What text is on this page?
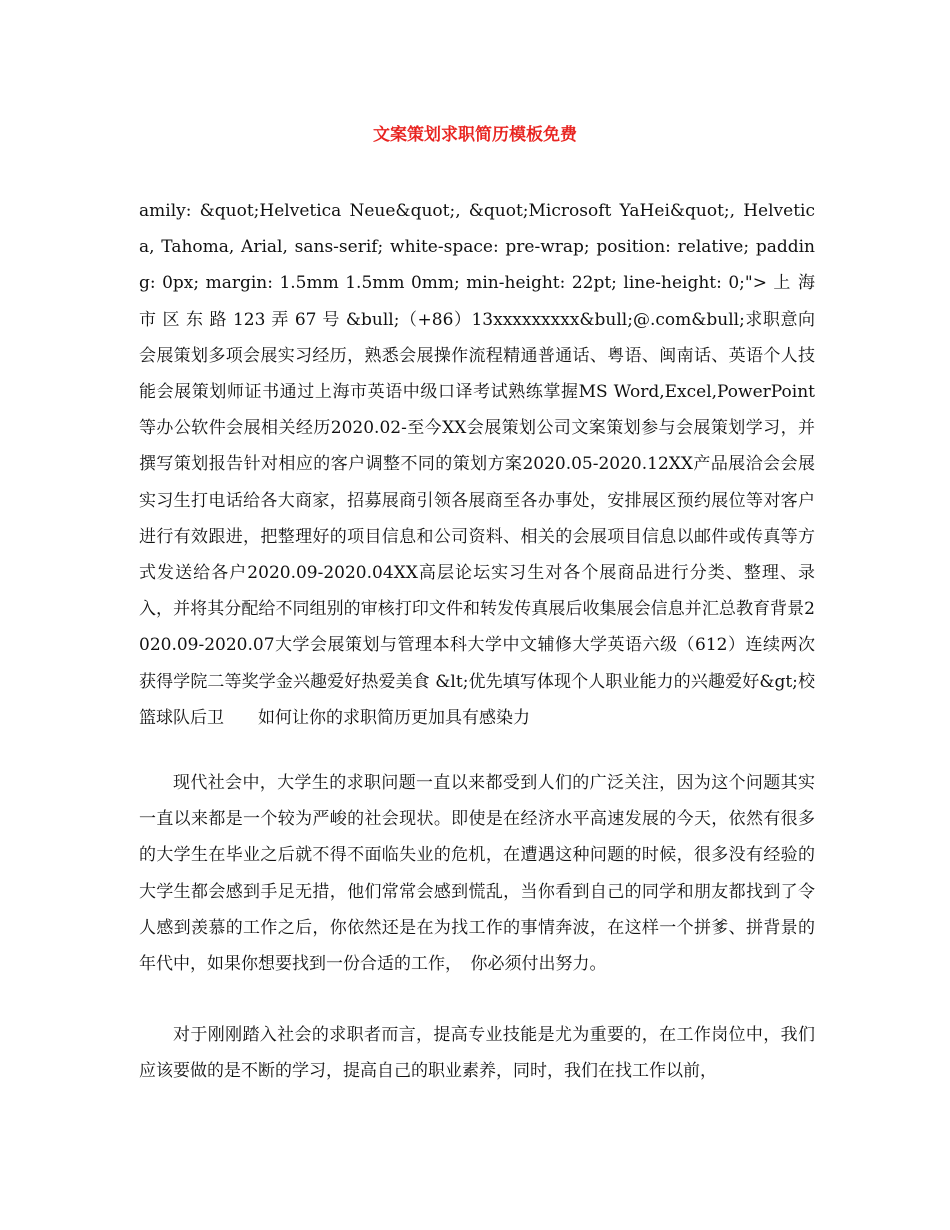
文案策划求职简历模板免费

amily: &quot;Helvetica Neue&quot;, &quot;Microsoft YaHei&quot;, Helvetica, Tahoma, Arial, sans-serif; white-space: pre-wrap; position: relative; padding: 0px; margin: 1.5mm 1.5mm 0mm; min-height: 22pt; line-height: 0;"> 上 海 市 区 东 路 123 弄 67 号 &bull;（+86）13xxxxxxxxx&bull;@.com&bull;求职意向会展策划多项会展实习经历，熟悉会展操作流程精通普通话、粤语、闽南话、英语个人技能会展策划师证书通过上海市英语中级口译考试熟练掌握MS Word,Excel,PowerPoint等办公软件会展相关经历2020.02-至今XX会展策划公司文案策划参与会展策划学习，并撰写策划报告针对相应的客户调整不同的策划方案2020.05-2020.12XX产品展洽会会展实习生打电话给各大商家，招募展商引领各展商至各办事处，安排展区预约展位等对客户进行有效跟进，把整理好的项目信息和公司资料、相关的会展项目信息以邮件或传真等方式发送给各户2020.09-2020.04XX高层论坛实习生对各个展商品进行分类、整理、录入，并将其分配给不同组别的审核打印文件和转发传真展后收集展会信息并汇总教育背景2020.09-2020.07大学会展策划与管理本科大学中文辅修大学英语六级（612）连续两次获得学院二等奖学金兴趣爱好热爱美食 &lt;优先填写体现个人职业能力的兴趣爱好&gt;校篮球队后卫　　如何让你的求职简历更加具有感染力

现代社会中，大学生的求职问题一直以来都受到人们的广泛关注，因为这个问题其实一直以来都是一个较为严峻的社会现状。即使是在经济水平高速发展的今天，依然有很多的大学生在毕业之后就不得不面临失业的危机，在遭遇这种问题的时候，很多没有经验的大学生都会感到手足无措，他们常常会感到慌乱，当你看到自己的同学和朋友都找到了令人感到羡慕的工作之后，你依然还是在为找工作的事情奔波，在这样一个拼爹、拼背景的年代中，如果你想要找到一份合适的工作，　你必须付出努力。

对于刚刚踏入社会的求职者而言，提高专业技能是尤为重要的，在工作岗位中，我们应该要做的是不断的学习，提高自己的职业素养，同时，我们在找工作以前，
